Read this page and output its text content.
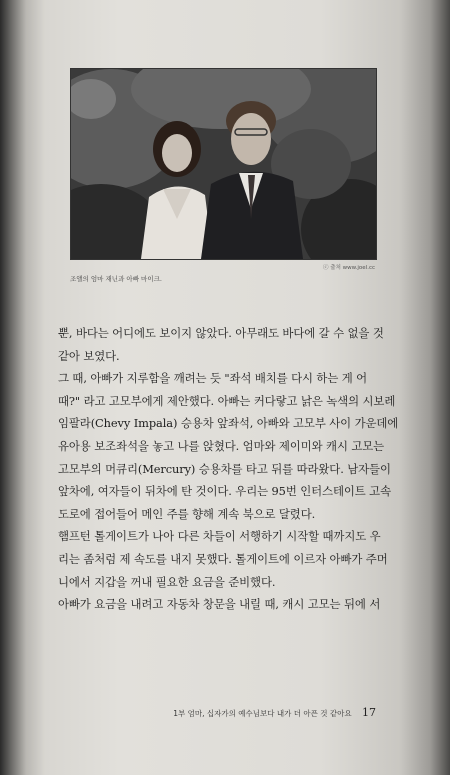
ⓒ 출처 www.joel.cc
조앨의 엄마 재닌과 아빠 마이크.
뿐, 바다는 어디에도 보이지 않았다. 아무래도 바다에 갈 수 없을 것
같아 보였다.
그 때, 아빠가 지루함을 깨려는 듯 "좌석 배치를 다시 하는 게 어
때?" 라고 고모부에게 제안했다. 아빠는 커다랗고 낡은 녹색의 시보레
임팔라(Chevy Impala) 승용차 앞좌석, 아빠와 고모부 사이 가운데에
유아용 보조좌석을 놓고 나를 앉혔다. 엄마와 제이미와 캐시 고모는
고모부의 머큐리(Mercury) 승용차를 타고 뒤를 따라왔다. 남자들이
앞차에, 여자들이 뒤차에 탄 것이다. 우리는 95번 인터스테이트 고속
도로에 접어들어 메인 주를 향해 계속 북으로 달렸다.
햄프턴 톨게이트가 나아 다른 차들이 서행하기 시작할 때까지도 우
리는 좀처럼 제 속도를 내지 못했다. 톨게이트에 이르자 아빠가 주머
니에서 지갑을 꺼내 필요한 요금을 준비했다.
아빠가 요금을 내려고 자동차 창문을 내릴 때, 캐시 고모는 뒤에 서
1부 엄마, 십자가의 예수님보다 내가 더 아픈 것 같아요 17
